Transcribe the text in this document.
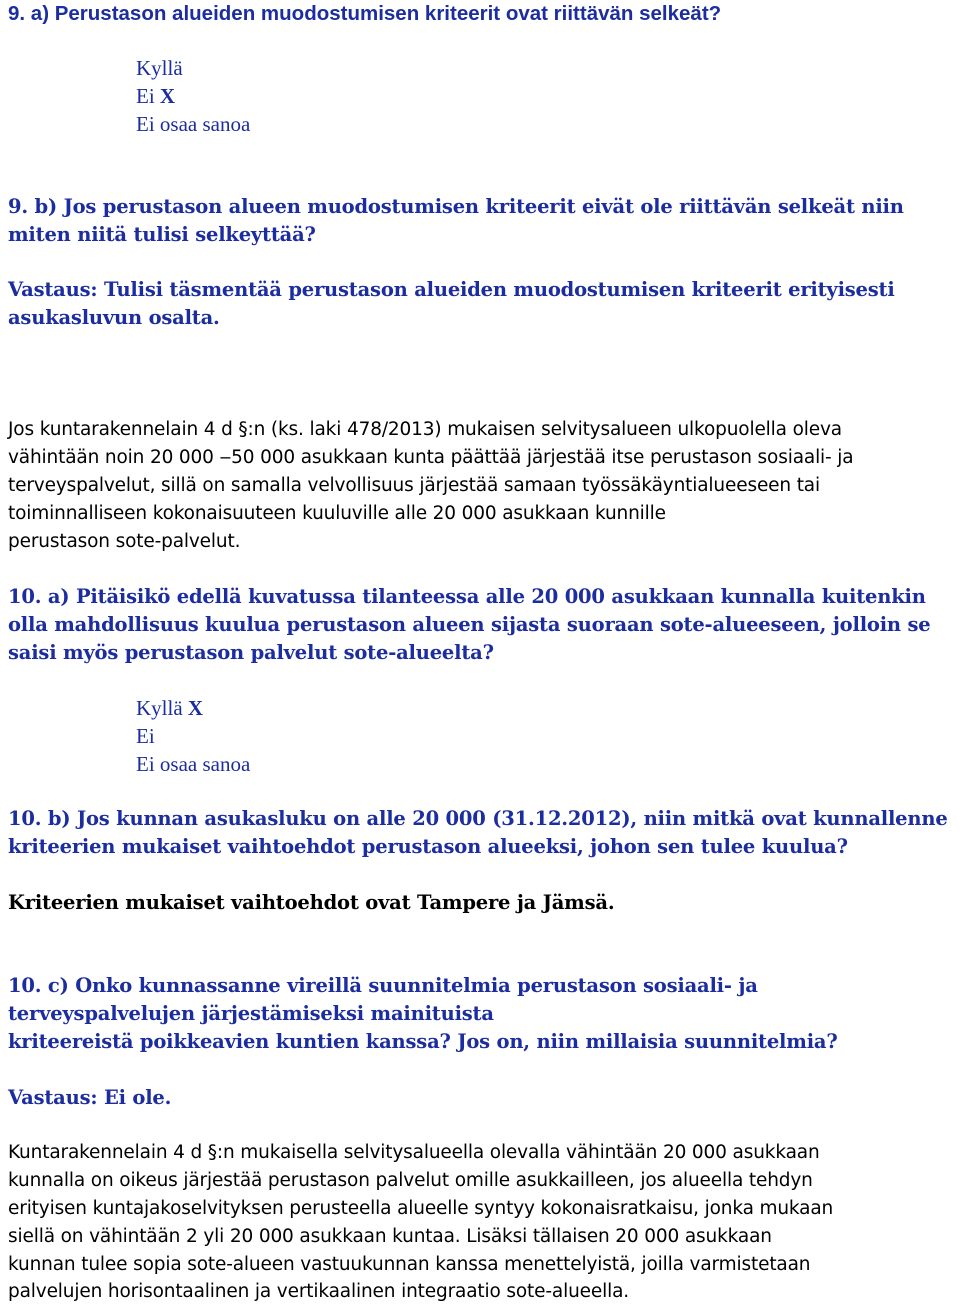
9. a) Perustason alueiden muodostumisen kriteerit ovat riittävän selkeät?
Kyllä
Ei X
Ei osaa sanoa
9. b) Jos perustason alueen muodostumisen kriteerit eivät ole riittävän selkeät niin
miten niitä tulisi selkeyttää?
Vastaus: Tulisi täsmentää perustason alueiden muodostumisen kriteerit erityisesti
asukasluvun osalta.
Jos kuntarakennelain 4 d §:n (ks. laki 478/2013) mukaisen selvitysalueen ulkopuolella oleva
vähintään noin 20 000 ‒50 000 asukkaan kunta päättää järjestää itse perustason sosiaali- ja
terveyspalvelut, sillä on samalla velvollisuus järjestää samaan työssäkäyntialueeseen tai
toiminnalliseen kokonaisuuteen kuuluville alle 20 000 asukkaan kunnille
perustason sote-palvelut.
10. a) Pitäisikö edellä kuvatussa tilanteessa alle 20 000 asukkaan kunnalla kuitenkin
olla mahdollisuus kuulua perustason alueen sijasta suoraan sote-alueeseen, jolloin se
saisi myös perustason palvelut sote-alueelta?
Kyllä X
Ei
Ei osaa sanoa
10. b) Jos kunnan asukasluku on alle 20 000 (31.12.2012), niin mitkä ovat kunnallenne
kriteerien mukaiset vaihtoehdot perustason alueeksi, johon sen tulee kuulua?
Kriteerien mukaiset vaihtoehdot ovat Tampere ja Jämsä.
10. c) Onko kunnassanne vireillä suunnitelmia perustason sosiaali- ja
terveyspalvelujen järjestämiseksi mainituista
kriteereistä poikkeavien kuntien kanssa? Jos on, niin millaisia suunnitelmia?
Vastaus: Ei ole.
Kuntarakennelain 4 d §:n mukaisella selvitysalueella olevalla vähintään 20 000 asukkaan
kunnalla on oikeus järjestää perustason palvelut omille asukkailleen, jos alueella tehdyn
erityisen kuntajakoselvityksen perusteella alueelle syntyy kokonaisratkaisu, jonka mukaan
siellä on vähintään 2 yli 20 000 asukkaan kuntaa. Lisäksi tällaisen 20 000 asukkaan
kunnan tulee sopia sote-alueen vastuukunnan kanssa menettelyistä, joilla varmistetaan
palvelujen horisontaalinen ja vertikaalinen integraatio sote-alueella.
